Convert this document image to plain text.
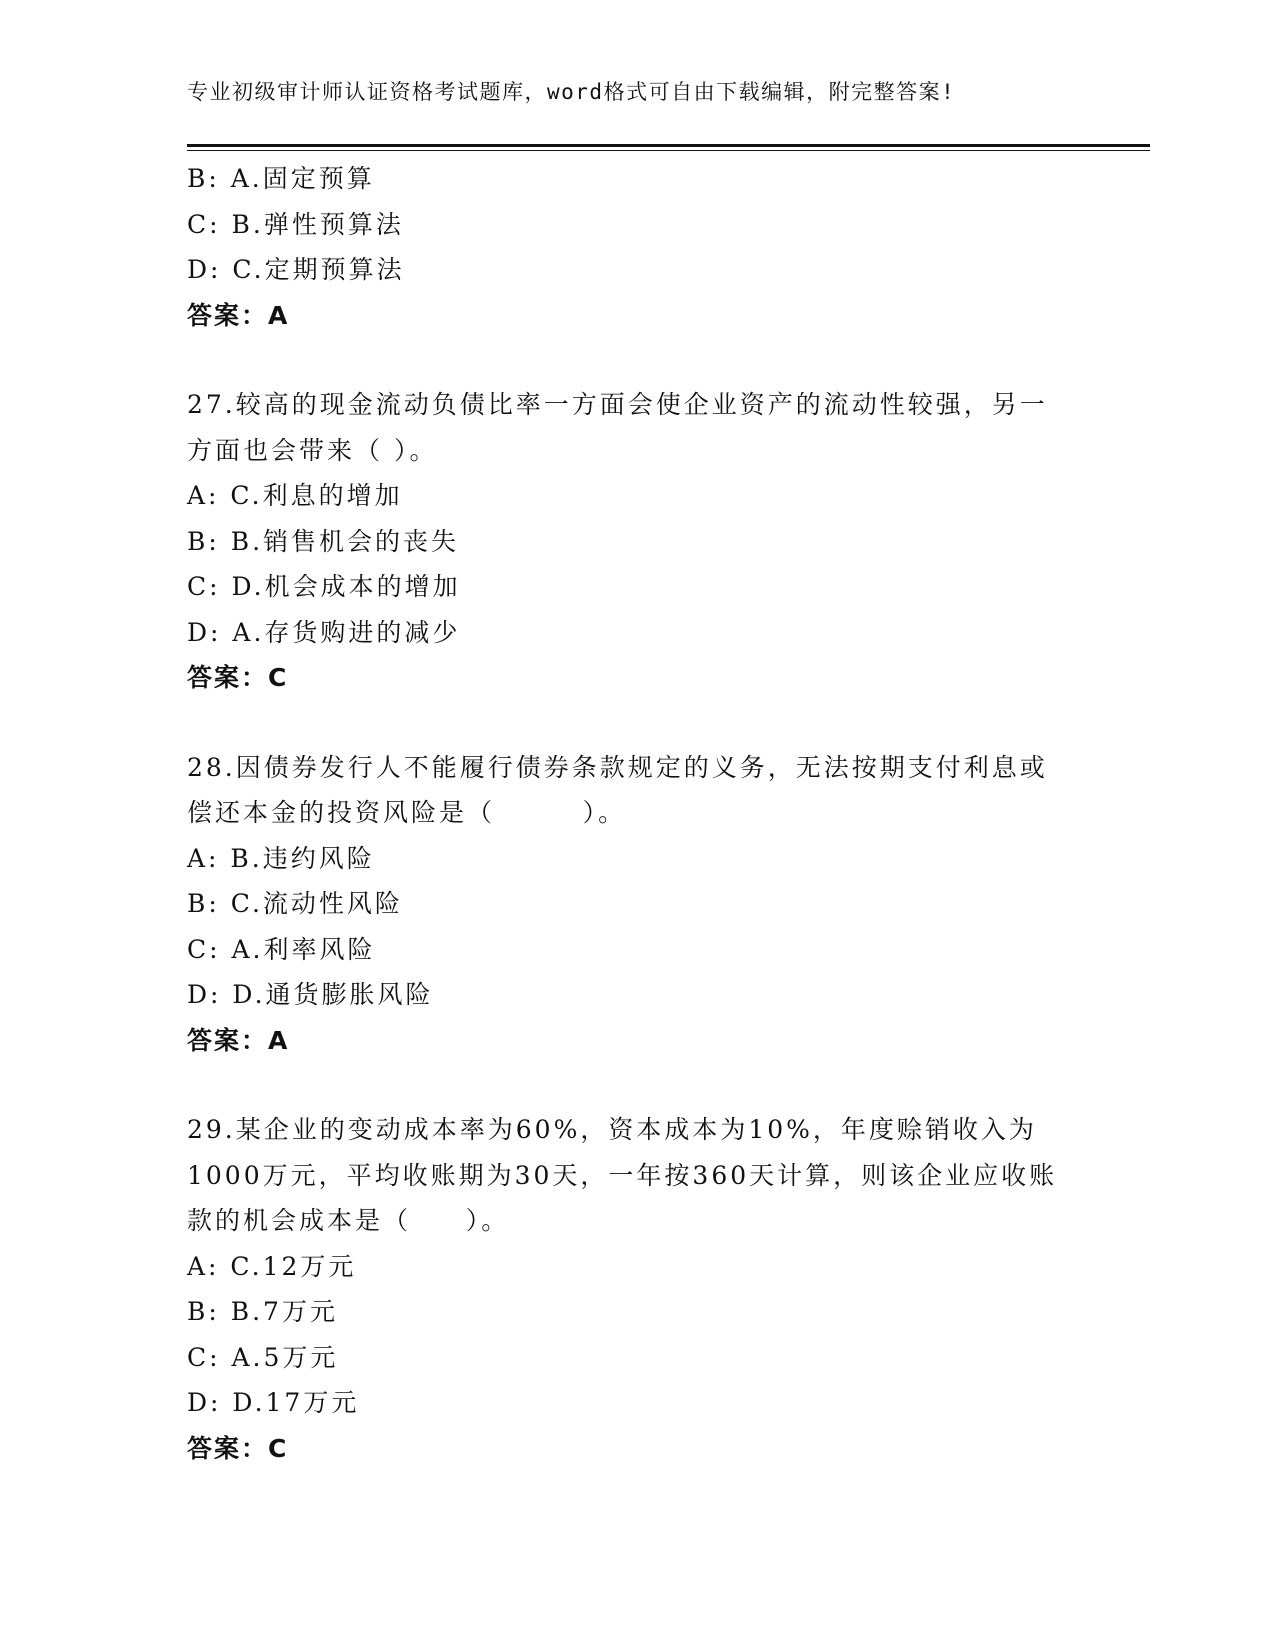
专业初级审计师认证资格考试题库，word格式可自由下载编辑，附完整答案!
B: A.固定预算
C: B.弹性预算法
D: C.定期预算法
答案：A
27.较高的现金流动负债比率一方面会使企业资产的流动性较强，另一
方面也会带来（ ）。
A: C.利息的增加
B: B.销售机会的丧失
C: D.机会成本的增加
D: A.存货购进的减少
答案：C
28.因债券发行人不能履行债券条款规定的义务，无法按期支付利息或
偿还本金的投资风险是（        ）。
A: B.违约风险
B: C.流动性风险
C: A.利率风险
D: D.通货膨胀风险
答案：A
29.某企业的变动成本率为60%，资本成本为10%，年度赊销收入为
1000万元，平均收账期为30天，一年按360天计算，则该企业应收账
款的机会成本是（     ）。
A: C.12万元
B: B.7万元
C: A.5万元
D: D.17万元
答案：C
